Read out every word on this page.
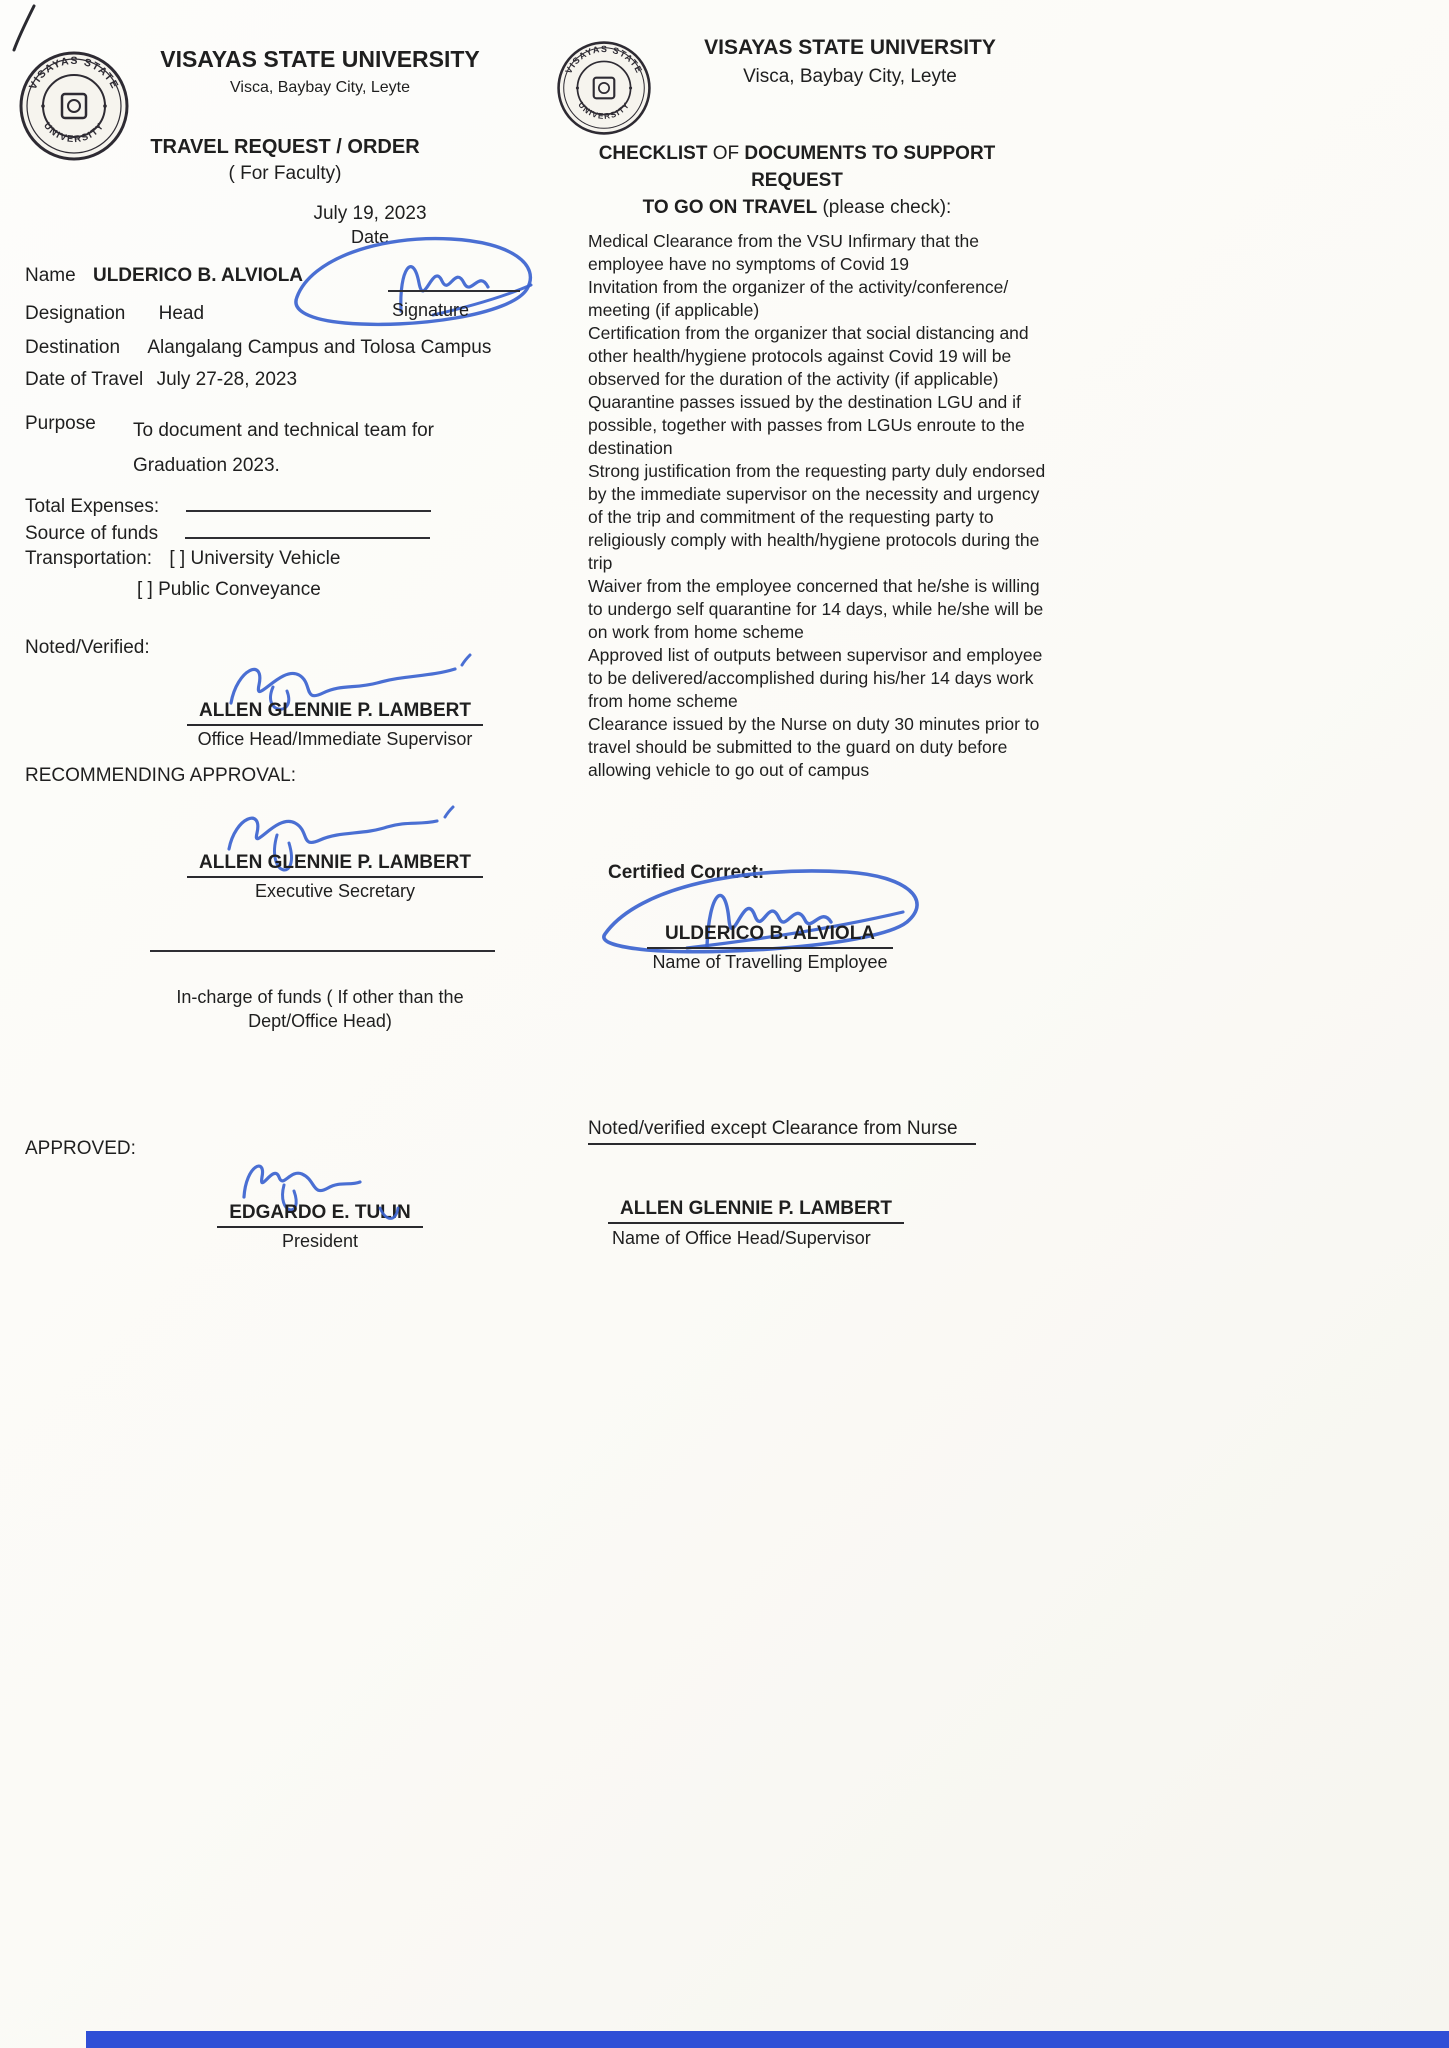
VISAYAS STATE
UNIVERSITY
VISAYAS STATE UNIVERSITY
Visca, Baybay City, Leyte
TRAVEL REQUEST / ORDER
( For Faculty)
July 19, 2023
Date
Signature
Name ULDERICO B. ALVIOLA
Designation Head
Destination Alangalang Campus and Tolosa Campus
Date of Travel July 27-28, 2023
Purpose To document and technical team for
Graduation 2023.
Total Expenses:
Source of funds
Transportation: [ ] University Vehicle
[ ] Public Conveyance
Noted/Verified:
ALLEN GLENNIE P. LAMBERT
Office Head/Immediate Supervisor
RECOMMENDING APPROVAL:
ALLEN GLENNIE P. LAMBERT
Executive Secretary
In-charge of funds ( If other than the
Dept/Office Head)
APPROVED:
EDGARDO E. TULIN
President
VISAYAS STATE
UNIVERSITY
VISAYAS STATE UNIVERSITY
Visca, Baybay City, Leyte
CHECKLIST OF DOCUMENTS TO SUPPORT REQUEST
TO GO ON TRAVEL (please check):

Medical Clearance from the VSU Infirmary that the employee have no symptoms of Covid 19

Invitation from the organizer of the activity/conference/ meeting (if applicable)

Certification from the organizer that social distancing and other health/hygiene protocols against Covid 19 will be observed for the duration of the activity (if applicable)

Quarantine passes issued by the destination LGU and if possible, together with passes from LGUs enroute to the destination

Strong justification from the requesting party duly endorsed by the immediate supervisor on the necessity and urgency of the trip and commitment of the requesting party to religiously comply with health/hygiene protocols during the trip

Waiver from the employee concerned that he/she is willing to undergo self quarantine for 14 days, while he/she will be on work from home scheme

Approved list of outputs between supervisor and employee to be delivered/accomplished during his/her 14 days work from home scheme

Clearance issued by the Nurse on duty 30 minutes prior to travel should be submitted to the guard on duty before allowing vehicle to go out of campus

Certified Correct:
ULDERICO B. ALVIOLA
Name of Travelling Employee
Noted/verified except Clearance from Nurse
ALLEN GLENNIE P. LAMBERT
Name of Office Head/Supervisor
